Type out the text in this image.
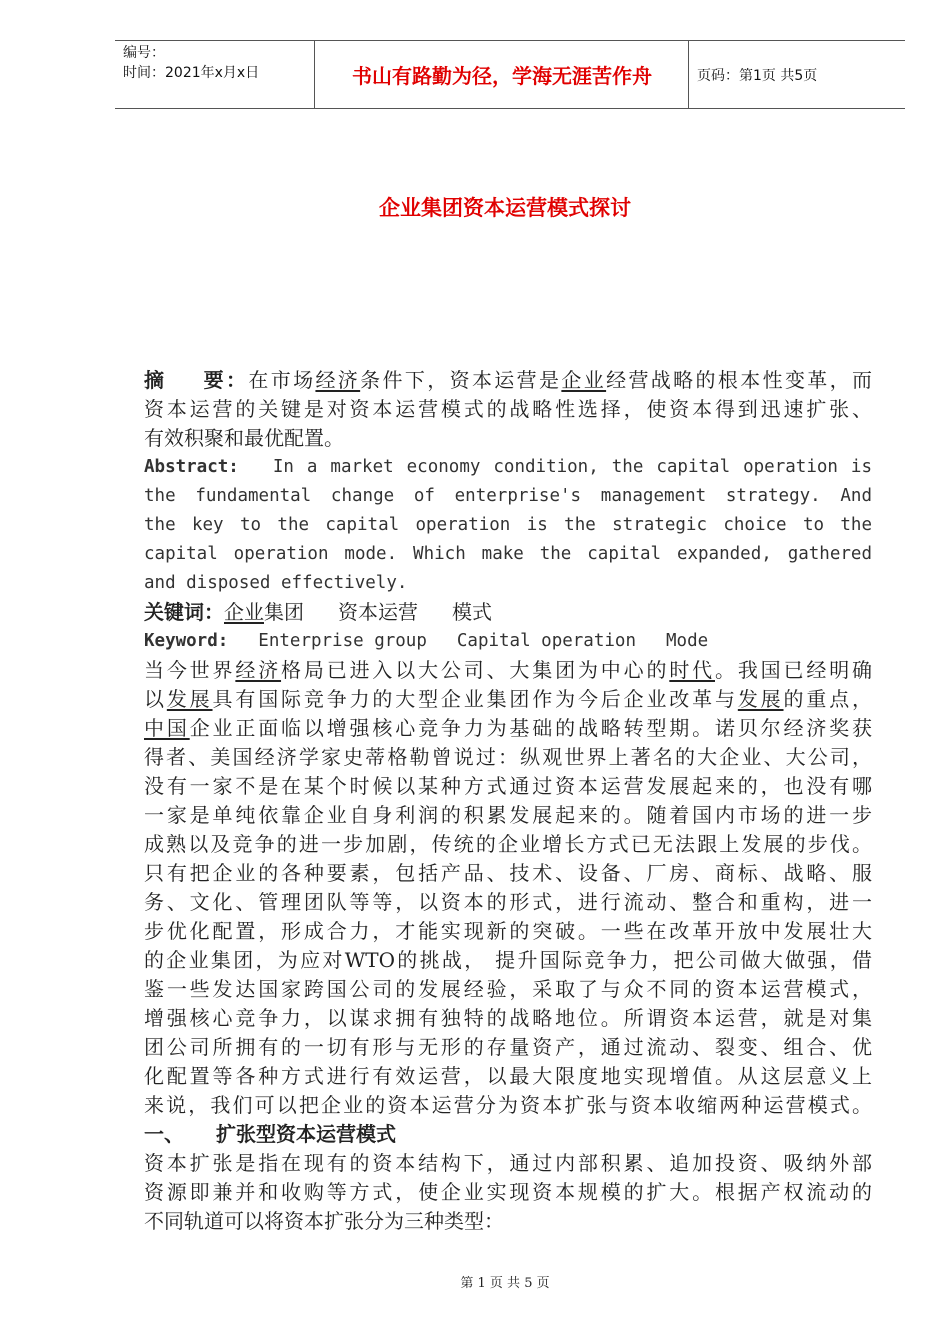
编号：
时间：2021年x月x日	书山有路勤为径，学海无涯苦作舟	页码：第1页 共5页
企业集团资本运营模式探讨
摘    要：在市场经济条件下，资本运营是企业经营战略的根本性变革，而
资本运营的关键是对资本运营模式的战略性选择，使资本得到迅速扩张、
有效积聚和最优配置。
Abstract: In a market economy condition, the capital operation is
the fundamental change of enterprise's management strategy. And
the key to the capital operation is the strategic choice to the
capital operation mode. Which make the capital expanded, gathered
and disposed effectively.
关键词：企业集团 资本运营 模式
Keyword: Enterprise group Capital operation Mode
当今世界经济格局已进入以大公司、大集团为中心的时代。我国已经明确
以发展具有国际竞争力的大型企业集团作为今后企业改革与发展的重点，
中国企业正面临以增强核心竞争力为基础的战略转型期。诺贝尔经济奖获
得者、美国经济学家史蒂格勒曾说过：纵观世界上著名的大企业、大公司，
没有一家不是在某个时候以某种方式通过资本运营发展起来的，也没有哪
一家是单纯依靠企业自身利润的积累发展起来的。随着国内市场的进一步
成熟以及竞争的进一步加剧，传统的企业增长方式已无法跟上发展的步伐。
只有把企业的各种要素，包括产品、技术、设备、厂房、商标、战略、服
务、文化、管理团队等等，以资本的形式，进行流动、整合和重构，进一
步优化配置，形成合力，才能实现新的突破。一些在改革开放中发展壮大
的企业集团，为应对WTO的挑战， 提升国际竞争力，把公司做大做强，借
鉴一些发达国家跨国公司的发展经验，采取了与众不同的资本运营模式，
增强核心竞争力，以谋求拥有独特的战略地位。所谓资本运营，就是对集
团公司所拥有的一切有形与无形的存量资产，通过流动、裂变、组合、优
化配置等各种方式进行有效运营，以最大限度地实现增值。从这层意义上
来说，我们可以把企业的资本运营分为资本扩张与资本收缩两种运营模式。
一、 扩张型资本运营模式
资本扩张是指在现有的资本结构下，通过内部积累、追加投资、吸纳外部
资源即兼并和收购等方式，使企业实现资本规模的扩大。根据产权流动的
不同轨道可以将资本扩张分为三种类型：
第 1 页 共 5 页
